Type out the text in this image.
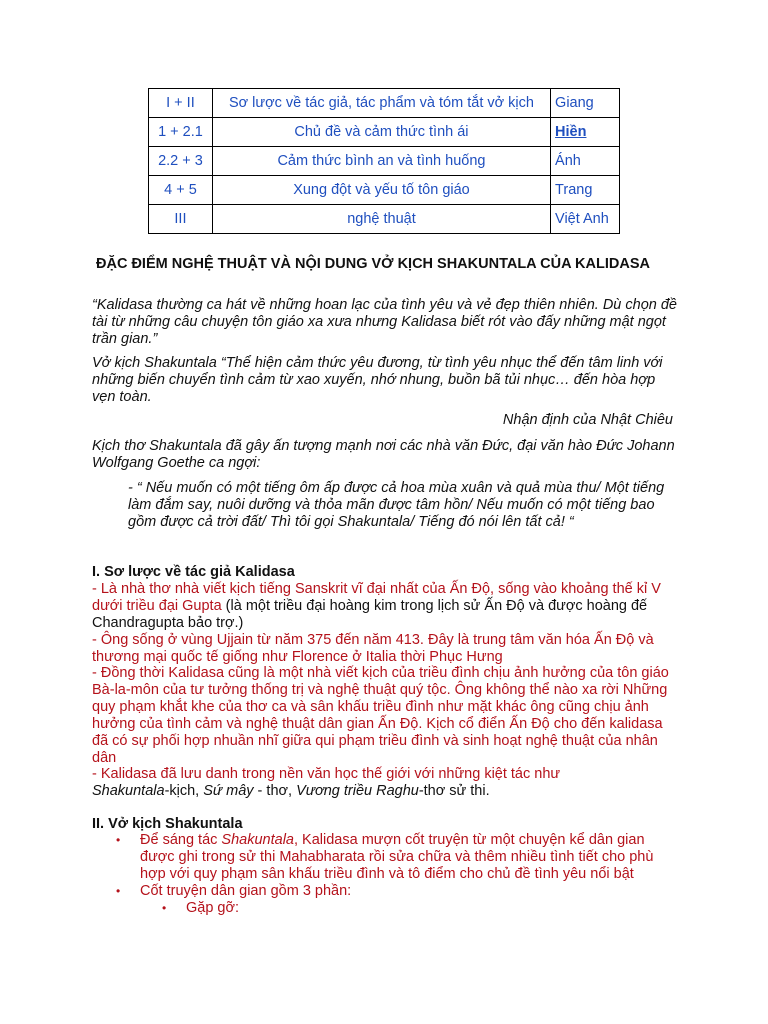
I + II	Sơ lược về tác giả, tác phẩm và tóm tắt vở kịch	Giang
1 + 2.1	Chủ đề và cảm thức tình ái	Hiền
2.2 + 3	Cảm thức bình an và tình huống	Ánh
4 + 5	Xung đột và yếu tố tôn giáo	Trang
III	nghệ thuật	Việt Anh
ĐẶC ĐIỂM NGHỆ THUẬT VÀ NỘI DUNG VỞ KỊCH SHAKUNTALA CỦA KALIDASA
“Kalidasa thường ca hát về những hoan lạc của tình yêu và vẻ đẹp thiên nhiên. Dù chọn đề tài từ những câu chuyện tôn giáo xa xưa nhưng Kalidasa biết rót vào đấy những mật ngọt trần gian.”
Vở kịch Shakuntala “Thể hiện cảm thức yêu đương, từ tình yêu nhục thể đến tâm linh với những biến chuyển tình cảm từ xao xuyến, nhớ nhung, buồn bã tủi nhục… đến hòa hợp vẹn toàn.
Nhận định của Nhật Chiêu
Kịch thơ Shakuntala đã gây ấn tượng mạnh nơi các nhà văn Đức, đại văn hào Đức Johann Wolfgang Goethe ca ngợi:
- “ Nếu muốn có một tiếng ôm ấp được cả hoa mùa xuân và quả mùa thu/ Một tiếng làm đắm say, nuôi dưỡng và thỏa mãn được tâm hồn/ Nếu muốn có một tiếng bao gồm được cả trời đất/ Thì tôi gọi Shakuntala/ Tiếng đó nói lên tất cả! “
I. Sơ lược về tác giả Kalidasa
- Là nhà thơ nhà viết kịch tiếng Sanskrit vĩ đại nhất của Ấn Độ, sống vào khoảng thế kỉ V dưới triều đại Gupta (là một triều đại hoàng kim trong lịch sử Ấn Độ và được hoàng đế Chandragupta bảo trợ.)
- Ông sống ở vùng Ujjain từ năm 375 đến năm 413. Đây là trung tâm văn hóa Ấn Độ và thương mại quốc tế giống như Florence ở Italia thời Phục Hưng
- Đồng thời Kalidasa cũng là một nhà viết kịch của triều đình chịu ảnh hưởng của tôn giáo Bà-la-môn của tư tưởng thống trị và nghệ thuật quý tộc. Ông không thể nào xa rời Những quy phạm khắt khe của thơ ca và sân khấu triều đình như mặt khác ông cũng chịu ảnh hưởng của tình cảm và nghệ thuật dân gian Ấn Độ. Kịch cổ điển Ấn Độ cho đến kalidasa đã có sự phối hợp nhuần nhĩ giữa qui phạm triều đình và sinh hoạt nghệ thuật của nhân dân
- Kalidasa đã lưu danh trong nền văn học thế giới với những kiệt tác như
Shakuntala-kịch, Sứ mây - thơ, Vương triều Raghu-thơ sử thi.
II. Vở kịch Shakuntala
• Để sáng tác Shakuntala, Kalidasa mượn cốt truyện từ một chuyện kể dân gian được ghi trong sử thi Mahabharata rồi sửa chữa và thêm nhiều tình tiết cho phù hợp với quy phạm sân khấu triều đình và tô điểm cho chủ đề tình yêu nổi bật
• Cốt truyện dân gian gồm 3 phần:
• Gặp gỡ:
